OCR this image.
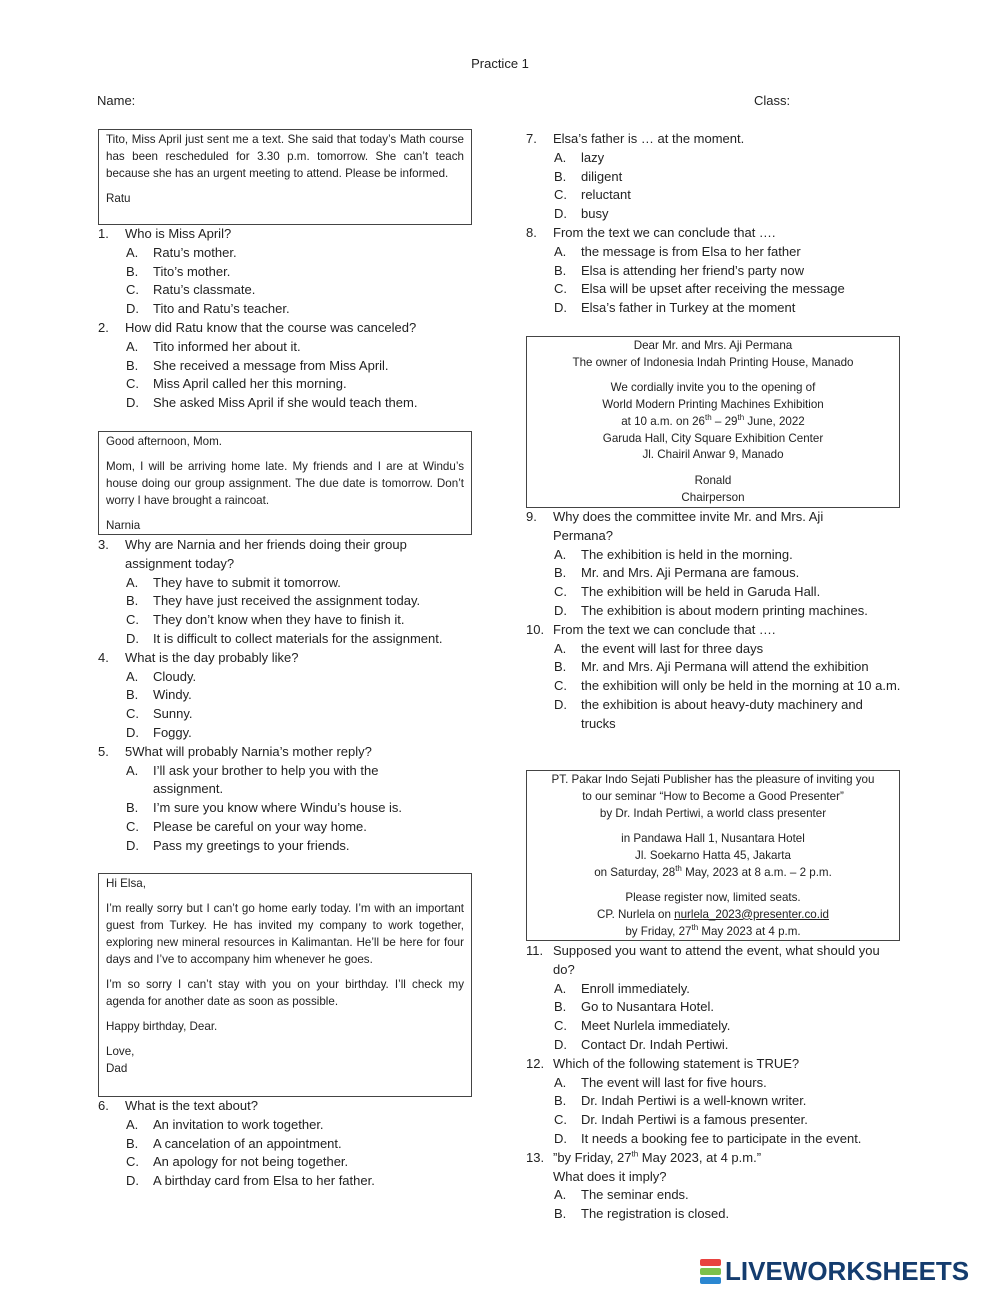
Practice 1
Name:	Class:

Tito, Miss April just sent me a text. She said that today’s Math course has been rescheduled for 3.30 p.m. tomorrow. She can’t teach because she has an urgent meeting to attend. Please be informed.

Ratu

1. Who is Miss April?
A. Ratu’s mother.
B. Tito’s mother.
C. Ratu’s classmate.
D. Tito and Ratu’s teacher.
2. How did Ratu know that the course was canceled?
A. Tito informed her about it.
B. She received a message from Miss April.
C. Miss April called her this morning.
D. She asked Miss April if she would teach them.

Good afternoon, Mom.

Mom, I will be arriving home late. My friends and I are at Windu’s house doing our group assignment. The due date is tomorrow. Don’t worry I have brought a raincoat.

Narnia

3. Why are Narnia and her friends doing their group assignment today?
A. They have to submit it tomorrow.
B. They have just received the assignment today.
C. They don’t know when they have to finish it.
D. It is difficult to collect materials for the assignment.
4. What is the day probably like?
A. Cloudy.
B. Windy.
C. Sunny.
D. Foggy.
5. 5What will probably Narnia’s mother reply?
A. I’ll ask your brother to help you with the assignment.
B. I’m sure you know where Windu’s house is.
C. Please be careful on your way home.
D. Pass my greetings to your friends.

Hi Elsa,

I’m really sorry but I can’t go home early today. I’m with an important guest from Turkey. He has invited my company to work together, exploring new mineral resources in Kalimantan. He’ll be here for four days and I’ve to accompany him whenever he goes.

I’m so sorry I can’t stay with you on your birthday. I’ll check my agenda for another date as soon as possible.

Happy birthday, Dear.

Love,
Dad
6. What is the text about?
A. An invitation to work together.
B. A cancelation of an appointment.
C. An apology for not being together.
D. A birthday card from Elsa to her father.
7. Elsa’s father is … at the moment.
A. lazy
B. diligent
C. reluctant
D. busy
8. From the text we can conclude that ….
A. the message is from Elsa to her father
B. Elsa is attending her friend’s party now
C. Elsa will be upset after receiving the message
D. Elsa’s father in Turkey at the moment
Dear Mr. and Mrs. Aji Permana

The owner of Indonesia Indah Printing House, Manado

We cordially invite you to the opening of
World Modern Printing Machines Exhibition
at 10 a.m. on 26th – 29th June, 2022
Garuda Hall, City Square Exhibition Center

Jl. Chairil Anwar 9, Manado

Ronald
Chairperson
9. Why does the committee invite Mr. and Mrs. Aji Permana?
A. The exhibition is held in the morning.
B. Mr. and Mrs. Aji Permana are famous.
C. The exhibition will be held in Garuda Hall.
D. The exhibition is about modern printing machines.
10. From the text we can conclude that ….
A. the event will last for three days
B. Mr. and Mrs. Aji Permana will attend the exhibition
C. the exhibition will only be held in the morning at 10 a.m.
D. the exhibition is about heavy-duty machinery and trucks
PT. Pakar Indo Sejati Publisher has the pleasure of inviting you
to our seminar “How to Become a Good Presenter”

by Dr. Indah Pertiwi, a world class presenter

in Pandawa Hall 1, Nusantara Hotel
Jl. Soekarno Hatta 45, Jakarta

on Saturday, 28th May, 2023 at 8 a.m. – 2 p.m.

Please register now, limited seats.
CP. Nurlela on nurlela_2023@presenter.co.id
by Friday, 27th May 2023 at 4 p.m.
11. Supposed you want to attend the event, what should you do?
A. Enroll immediately.
B. Go to Nusantara Hotel.
C. Meet Nurlela immediately.
D. Contact Dr. Indah Pertiwi.
12. Which of the following statement is TRUE?
A. The event will last for five hours.
B. Dr. Indah Pertiwi is a well-known writer.
C. Dr. Indah Pertiwi is a famous presenter.
D. It needs a booking fee to participate in the event.
13. ”by Friday, 27th May 2023, at 4 p.m.”
What does it imply?
A. The seminar ends.
B. The registration is closed.
LIVEWORKSHEETS
